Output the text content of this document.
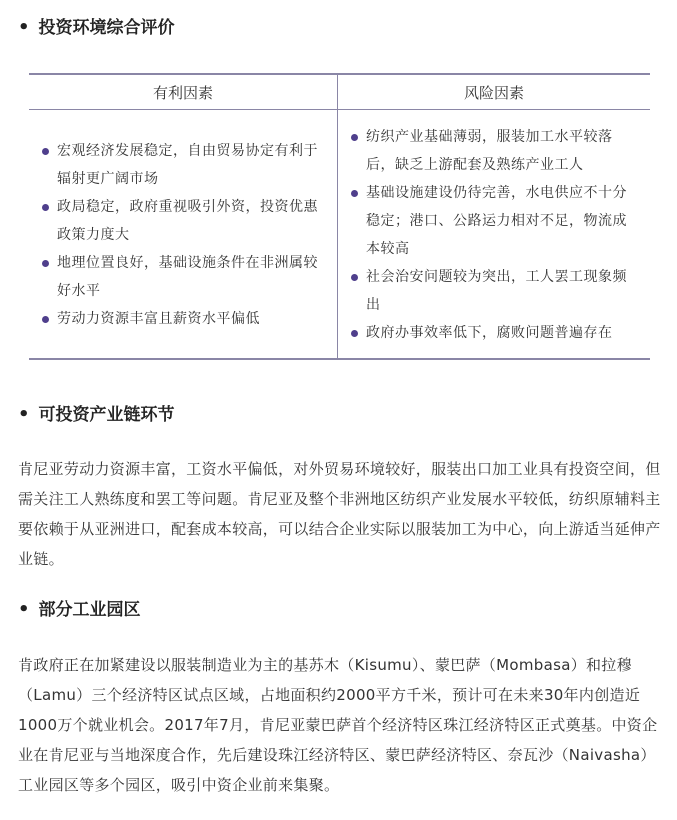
• 投资环境综合评价
有利因素	风险因素
宏观经济发展稳定，自由贸易协定有利于辐射更广阔市场
政局稳定，政府重视吸引外资，投资优惠政策力度大
地理位置良好，基础设施条件在非洲属较好水平
劳动力资源丰富且薪资水平偏低
纺织产业基础薄弱，服装加工水平较落后，缺乏上游配套及熟练产业工人
基础设施建设仍待完善，水电供应不十分稳定；港口、公路运力相对不足，物流成本较高
社会治安问题较为突出，工人罢工现象频出
政府办事效率低下，腐败问题普遍存在
• 可投资产业链环节

肯尼亚劳动力资源丰富，工资水平偏低，对外贸易环境较好，服装出口加工业具有投资空间，但需关注工人熟练度和罢工等问题。肯尼亚及整个非洲地区纺织产业发展水平较低，纺织原辅料主要依赖于从亚洲进口，配套成本较高，可以结合企业实际以服装加工为中心，向上游适当延伸产业链。

• 部分工业园区

肯政府正在加紧建设以服装制造业为主的基苏木（Kisumu）、蒙巴萨（Mombasa）和拉穆（Lamu）三个经济特区试点区域，占地面积约2000平方千米，预计可在未来30年内创造近1000万个就业机会。2017年7月，肯尼亚蒙巴萨首个经济特区珠江经济特区正式奠基。中资企业在肯尼亚与当地深度合作，先后建设珠江经济特区、蒙巴萨经济特区、奈瓦沙（Naivasha）工业园区等多个园区，吸引中资企业前来集聚。
